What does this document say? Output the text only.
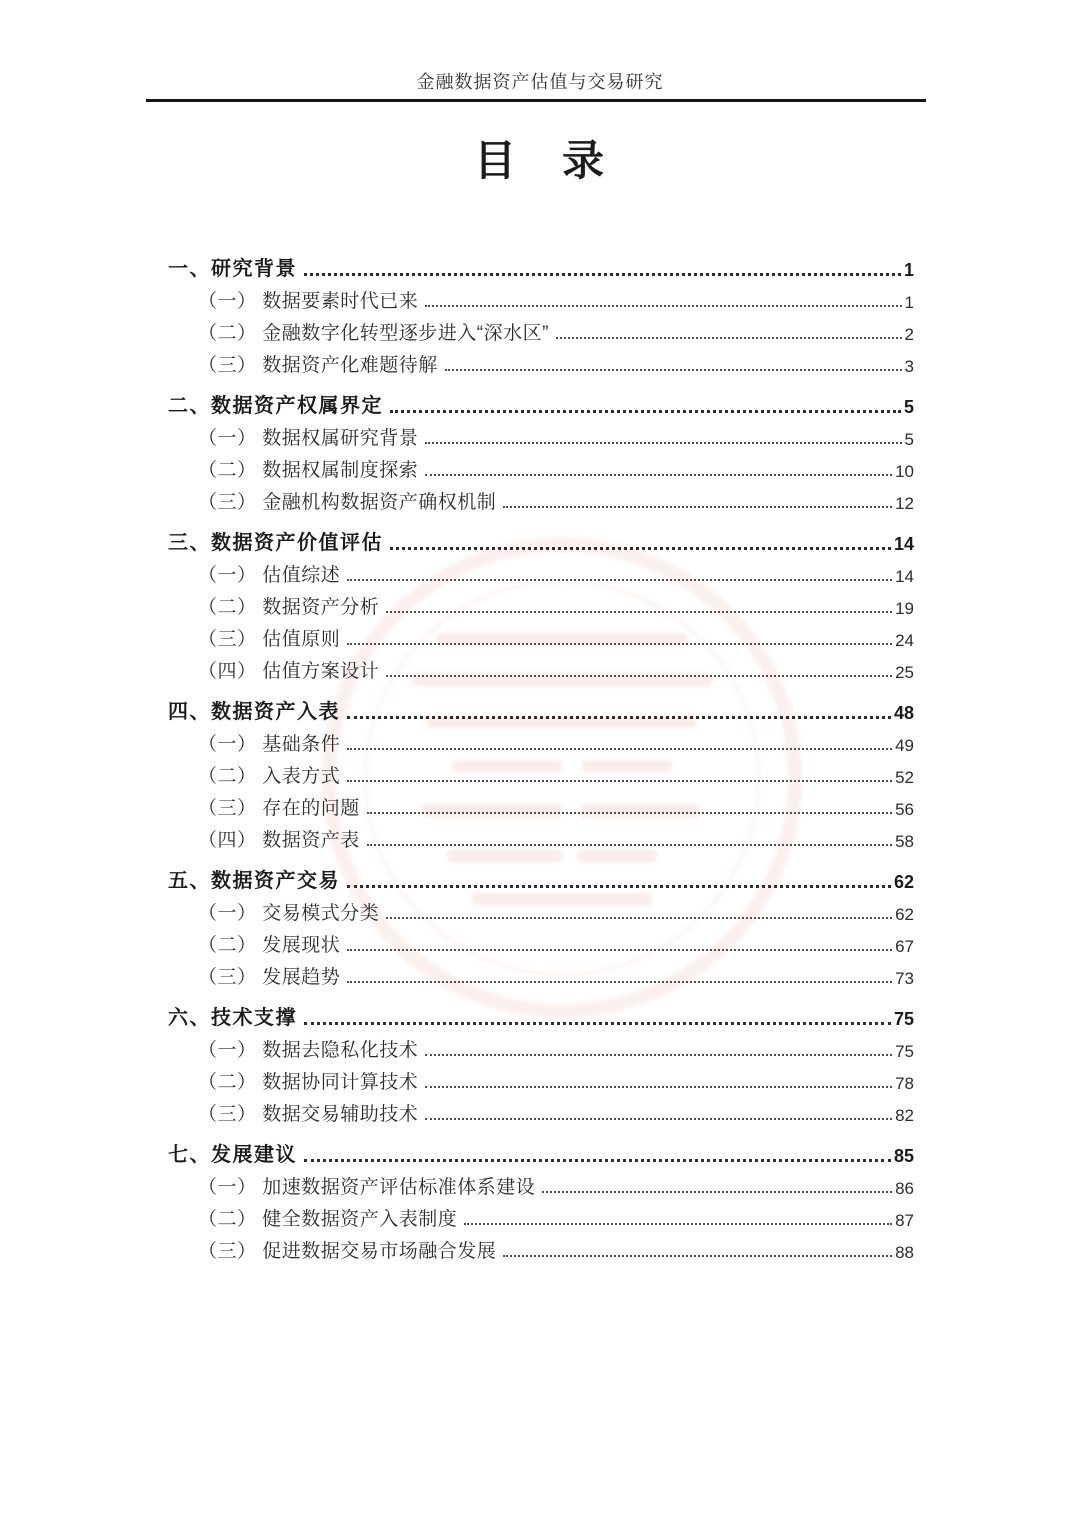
金融数据资产估值与交易研究
目　录
一、研究背景	1
（一） 数据要素时代已来	1
（二） 金融数字化转型逐步进入“深水区”	2
（三） 数据资产化难题待解	3
二、数据资产权属界定	5
（一） 数据权属研究背景	5
（二） 数据权属制度探索	10
（三） 金融机构数据资产确权机制	12
三、数据资产价值评估	14
（一） 估值综述	14
（二） 数据资产分析	19
（三） 估值原则	24
（四） 估值方案设计	25
四、数据资产入表	48
（一） 基础条件	49
（二） 入表方式	52
（三） 存在的问题	56
（四） 数据资产表	58
五、数据资产交易	62
（一） 交易模式分类	62
（二） 发展现状	67
（三） 发展趋势	73
六、技术支撑	75
（一） 数据去隐私化技术	75
（二） 数据协同计算技术	78
（三） 数据交易辅助技术	82
七、发展建议	85
（一） 加速数据资产评估标准体系建设	86
（二） 健全数据资产入表制度	87
（三） 促进数据交易市场融合发展	88
